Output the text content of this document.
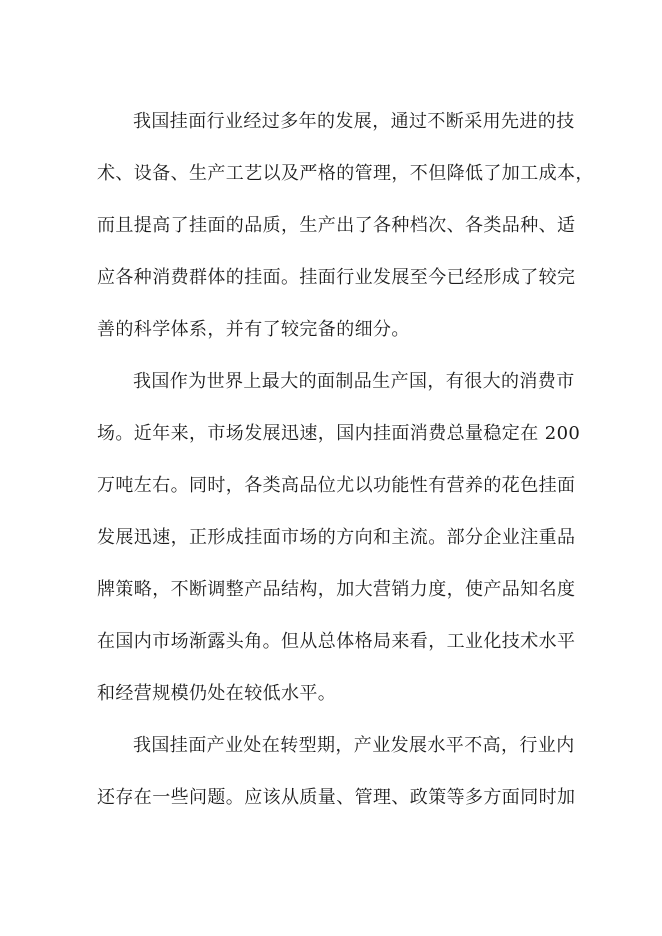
我国挂面行业经过多年的发展，通过不断采用先进的技
术、设备、生产工艺以及严格的管理，不但降低了加工成本，
而且提高了挂面的品质，生产出了各种档次、各类品种、适
应各种消费群体的挂面。挂面行业发展至今已经形成了较完
善的科学体系，并有了较完备的细分。
我国作为世界上最大的面制品生产国，有很大的消费市
场。近年来，市场发展迅速，国内挂面消费总量稳定在 200
万吨左右。同时，各类高品位尤以功能性有营养的花色挂面
发展迅速，正形成挂面市场的方向和主流。部分企业注重品
牌策略，不断调整产品结构，加大营销力度，使产品知名度
在国内市场渐露头角。但从总体格局来看，工业化技术水平
和经营规模仍处在较低水平。
我国挂面产业处在转型期，产业发展水平不高，行业内
还存在一些问题。应该从质量、管理、政策等多方面同时加
